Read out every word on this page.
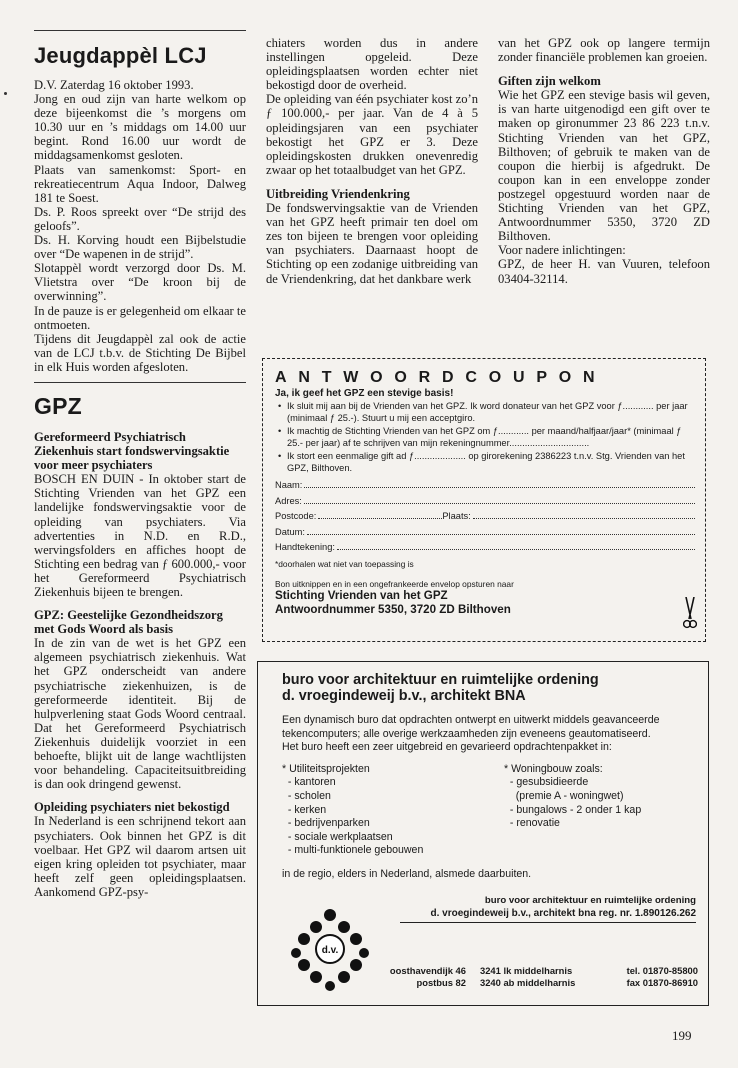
Jeugdappèl LCJ
D.V. Zaterdag 16 oktober 1993.
Jong en oud zijn van harte welkom op deze bijeenkomst die ’s morgens om 10.30 uur en ’s middags om 14.00 uur begint. Rond 16.00 uur wordt de middagsamenkomst gesloten.
Plaats van samenkomst: Sport- en rekreatiecentrum Aqua Indoor, Dalweg 181 te Soest.
Ds. P. Roos spreekt over “De strijd des geloofs”.
Ds. H. Korving houdt een Bijbelstudie over “De wapenen in de strijd”.
Slotappèl wordt verzorgd door Ds. M. Vlietstra over “De kroon bij de overwinning”.
In de pauze is er gelegenheid om elkaar te ontmoeten.
Tijdens dit Jeugdappèl zal ook de actie van de LCJ t.b.v. de Stichting De Bijbel in elk Huis worden afgesloten.
GPZ
Gereformeerd Psychiatrisch Ziekenhuis start fondswervingsaktie voor meer psychiaters
BOSCH EN DUIN - In oktober start de Stichting Vrienden van het GPZ een landelijke fondswervingsaktie voor de opleiding van psychiaters. Via advertenties in N.D. en R.D., wervingsfolders en affiches hoopt de Stichting een bedrag van ƒ 600.000,- voor het Gereformeerd Psychiatrisch Ziekenhuis bijeen te brengen.
GPZ: Geestelijke Gezondheidszorg met Gods Woord als basis
In de zin van de wet is het GPZ een algemeen psychiatrisch ziekenhuis. Wat het GPZ onderscheidt van andere psychiatrische ziekenhuizen, is de gereformeerde identiteit. Bij de hulpverlening staat Gods Woord centraal. Dat het Gereformeerd Psychiatrisch Ziekenhuis duidelijk voorziet in een behoefte, blijkt uit de lange wachtlijsten voor behandeling. Capaciteitsuitbreiding is dan ook dringend gewenst.
Opleiding psychiaters niet bekostigd
In Nederland is een schrijnend tekort aan psychiaters. Ook binnen het GPZ is dit voelbaar. Het GPZ wil daarom artsen uit eigen kring opleiden tot psychiater, maar heeft zelf geen opleidingsplaatsen. Aankomend GPZ-psy-
chiaters worden dus in andere instellingen opgeleid. Deze opleidingsplaatsen worden echter niet bekostigd door de overheid.
De opleiding van één psychiater kost zo’n ƒ 100.000,- per jaar. Van de 4 à 5 opleidingsjaren van een psychiater bekostigt het GPZ er 3. Deze opleidingskosten drukken onevenredig zwaar op het totaalbudget van het GPZ.
Uitbreiding Vriendenkring
De fondswervingsaktie van de Vrienden van het GPZ heeft primair ten doel om zes ton bijeen te brengen voor opleiding van psychiaters. Daarnaast hoopt de Stichting op een zodanige uitbreiding van de Vriendenkring, dat het dankbare werk
van het GPZ ook op langere termijn zonder financiële problemen kan groeien.
Giften zijn welkom
Wie het GPZ een stevige basis wil geven, is van harte uitgenodigd een gift over te maken op gironummer 23 86 223 t.n.v. Stichting Vrienden van het GPZ, Bilthoven; of gebruik te maken van de coupon die hierbij is afgedrukt. De coupon kan in een enveloppe zonder postzegel opgestuurd worden naar de Stichting Vrienden van het GPZ, Antwoordnummer 5350, 3720 ZD Bilthoven.
Voor nadere inlichtingen:
GPZ, de heer H. van Vuuren, telefoon 03404-32114.
ANTWOORDCOUPON
Ja, ik geef het GPZ een stevige basis!
• Ik sluit mij aan bij de Vrienden van het GPZ. Ik word donateur van het GPZ voor ƒ............ per jaar (minimaal ƒ 25.-). Stuurt u mij een acceptgiro.
• Ik machtig de Stichting Vrienden van het GPZ om ƒ............ per maand/halfjaar/jaar* (minimaal ƒ 25.- per jaar) af te schrijven van mijn rekeningnummer...............................
• Ik stort een eenmalige gift ad ƒ.................... op girorekening 2386223 t.n.v. Stg. Vrienden van het GPZ, Bilthoven.
Naam:
Adres:
Postcode:	Plaats:
Datum:
Handtekening:
*doorhalen wat niet van toepassing is
Bon uitknippen en in een ongefrankeerde envelop opsturen naar
Stichting Vrienden van het GPZ
Antwoordnummer 5350, 3720 ZD Bilthoven
buro voor architektuur en ruimtelijke ordening
d. vroegindeweij b.v., architekt BNA
Een dynamisch buro dat opdrachten ontwerpt en uitwerkt middels geavanceerde tekencomputers; alle overige werkzaamheden zijn eveneens geautomatiseerd.
Het buro heeft een zeer uitgebreid en gevarieerd opdrachtenpakket in:
* Utiliteitsprojekten
- kantoren
- scholen
- kerken
- bedrijvenparken
- sociale werkplaatsen
- multi-funktionele gebouwen
* Woningbouw zoals:
- gesubsidieerde
(premie A - woningwet)
- bungalows - 2 onder 1 kap
- renovatie
in de regio, elders in Nederland, alsmede daarbuiten.
buro voor architektuur en ruimtelijke ordening
d. vroegindeweij b.v., architekt bna reg. nr. 1.890126.262
d.v.
oosthavendijk 46	3241 lk middelharnis	tel. 01870-85800
postbus 82	3240 ab middelharnis	fax 01870-86910
199
